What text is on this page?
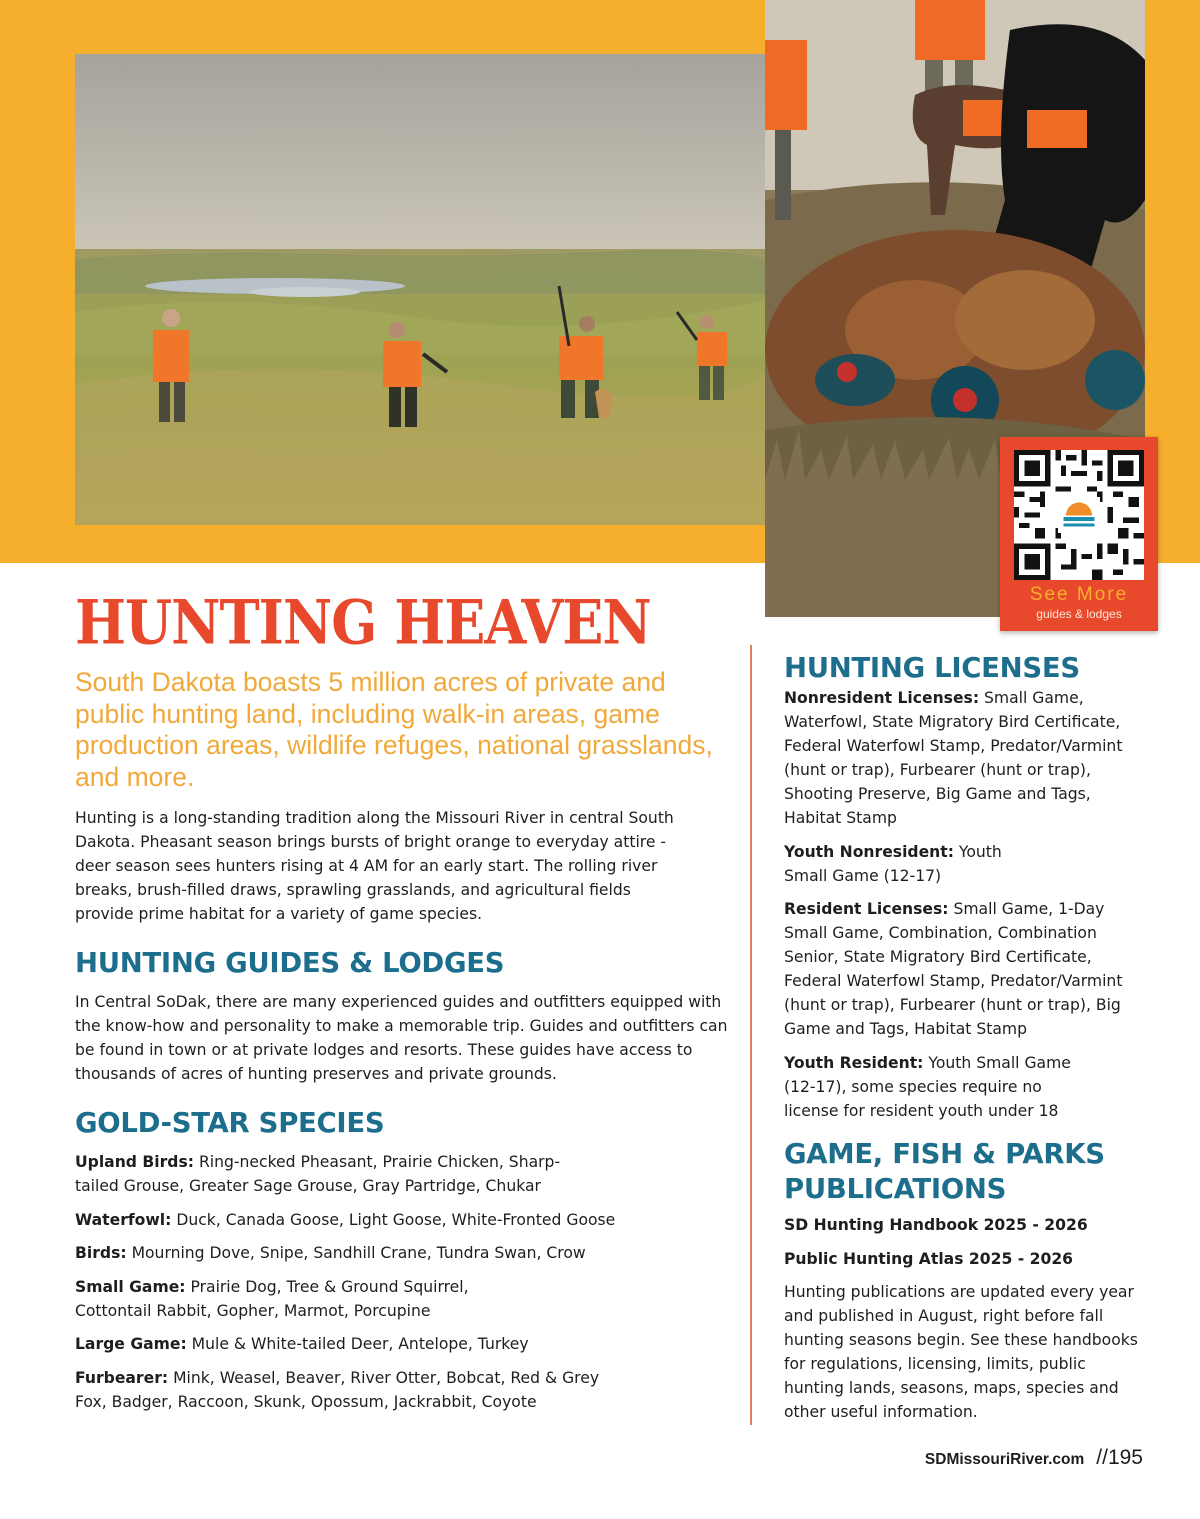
See More
guides & lodges
HUNTING HEAVEN

South Dakota boasts 5 million acres of private and public hunting land, including walk-in areas, game production areas, wildlife refuges, national grasslands, and more.

Hunting is a long-standing tradition along the Missouri River in central South Dakota. Pheasant season brings bursts of bright orange to everyday attire - deer season sees hunters rising at 4 AM for an early start. The rolling river breaks, brush-filled draws, sprawling grasslands, and agricultural fields provide prime habitat for a variety of game species.

HUNTING GUIDES & LODGES

In Central SoDak, there are many experienced guides and outfitters equipped with the know-how and personality to make a memorable trip. Guides and outfitters can be found in town or at private lodges and resorts. These guides have access to thousands of acres of hunting preserves and private grounds.

GOLD-STAR SPECIES

Upland Birds: Ring-necked Pheasant, Prairie Chicken, Sharp-tailed Grouse, Greater Sage Grouse, Gray Partridge, Chukar

Waterfowl: Duck, Canada Goose, Light Goose, White-Fronted Goose

Birds: Mourning Dove, Snipe, Sandhill Crane, Tundra Swan, Crow

Small Game: Prairie Dog, Tree & Ground Squirrel, Cottontail Rabbit, Gopher, Marmot, Porcupine

Large Game: Mule & White-tailed Deer, Antelope, Turkey

Furbearer: Mink, Weasel, Beaver, River Otter, Bobcat, Red & Grey Fox, Badger, Raccoon, Skunk, Opossum, Jackrabbit, Coyote

HUNTING LICENSES

Nonresident Licenses: Small Game, Waterfowl, State Migratory Bird Certificate, Federal Waterfowl Stamp, Predator/Varmint (hunt or trap), Furbearer (hunt or trap), Shooting Preserve, Big Game and Tags, Habitat Stamp

Youth Nonresident: Youth Small Game (12-17)

Resident Licenses: Small Game, 1-Day Small Game, Combination, Combination Senior, State Migratory Bird Certificate, Federal Waterfowl Stamp, Predator/Varmint (hunt or trap), Furbearer (hunt or trap), Big Game and Tags, Habitat Stamp

Youth Resident: Youth Small Game (12-17), some species require no license for resident youth under 18

GAME, FISH & PARKS
PUBLICATIONS

SD Hunting Handbook 2025 - 2026

Public Hunting Atlas 2025 - 2026

Hunting publications are updated every year and published in August, right before fall hunting seasons begin. See these handbooks for regulations, licensing, limits, public hunting lands, seasons, maps, species and other useful information.

SDMissouriRiver.com //195
